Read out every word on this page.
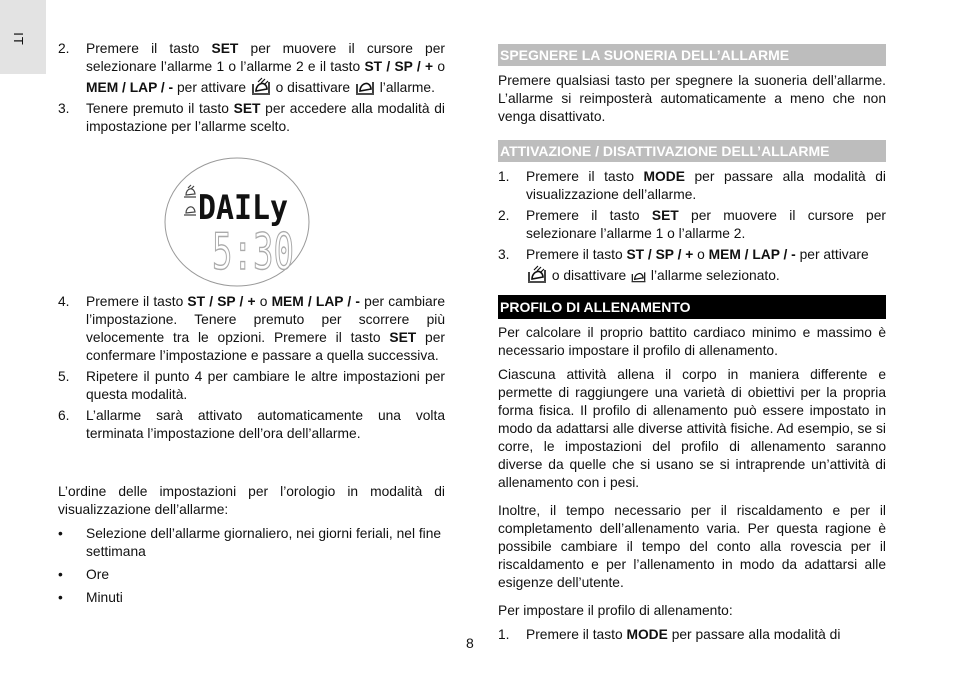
IT
2.	Premere il tasto SET per muovere il cursore per selezionare l’allarme 1 o l’allarme 2 e il tasto ST / SP / + o MEM / LAP / - per attivare  o disattivare  l’allarme.
3.	Tenere premuto il tasto SET per accedere alla modalità di impostazione per l’allarme scelto.
DAILy
5:30
4.	Premere il tasto ST / SP / + o MEM / LAP / - per cambiare l’impostazione. Tenere premuto per scorrere più velocemente tra le opzioni. Premere il tasto SET per confermare l’impostazione e passare a quella successiva.
5.	Ripetere il punto 4 per cambiare le altre impostazioni per questa modalità.
6.	L’allarme sarà attivato automaticamente una volta terminata l’impostazione dell’ora dell’allarme.

L’ordine delle impostazioni per l’orologio in modalità di visualizzazione dell’allarme:

•	Selezione dell’allarme giornaliero, nei giorni feriali, nel fine settimana
•	Ore
•	Minuti
SPEGNERE LA SUONERIA DELL’ALLARME

Premere qualsiasi tasto per spegnere la suoneria dell’allarme. L’allarme si reimposterà automaticamente a meno che non venga disattivato.

ATTIVAZIONE / DISATTIVAZIONE DELL’ALLARME
1.	Premere il tasto MODE per passare alla modalità di visualizzazione dell’allarme.
2.	Premere il tasto SET per muovere il cursore per selezionare l’allarme 1 o l’allarme 2.
3.	Premere il tasto ST / SP / + o MEM / LAP / - per attivare
o disattivare  l’allarme selezionato.
PROFILO DI ALLENAMENTO

Per calcolare il proprio battito cardiaco minimo e massimo è necessario impostare il profilo di allenamento.

Ciascuna attività allena il corpo in maniera differente e permette di raggiungere una varietà di obiettivi per la propria forma fisica. Il profilo di allenamento può essere impostato in modo da adattarsi alle diverse attività fisiche. Ad esempio, se si corre, le impostazioni del profilo di allenamento saranno diverse da quelle che si usano se si intraprende un’attività di allenamento con i pesi.

Inoltre, il tempo necessario per il riscaldamento e per il completamento dell’allenamento varia. Per questa ragione è possibile cambiare il tempo del conto alla rovescia per il riscaldamento e per l’allenamento in modo da adattarsi alle esigenze dell’utente.

Per impostare il profilo di allenamento:

1.	Premere il tasto MODE per passare alla modalità di
8
